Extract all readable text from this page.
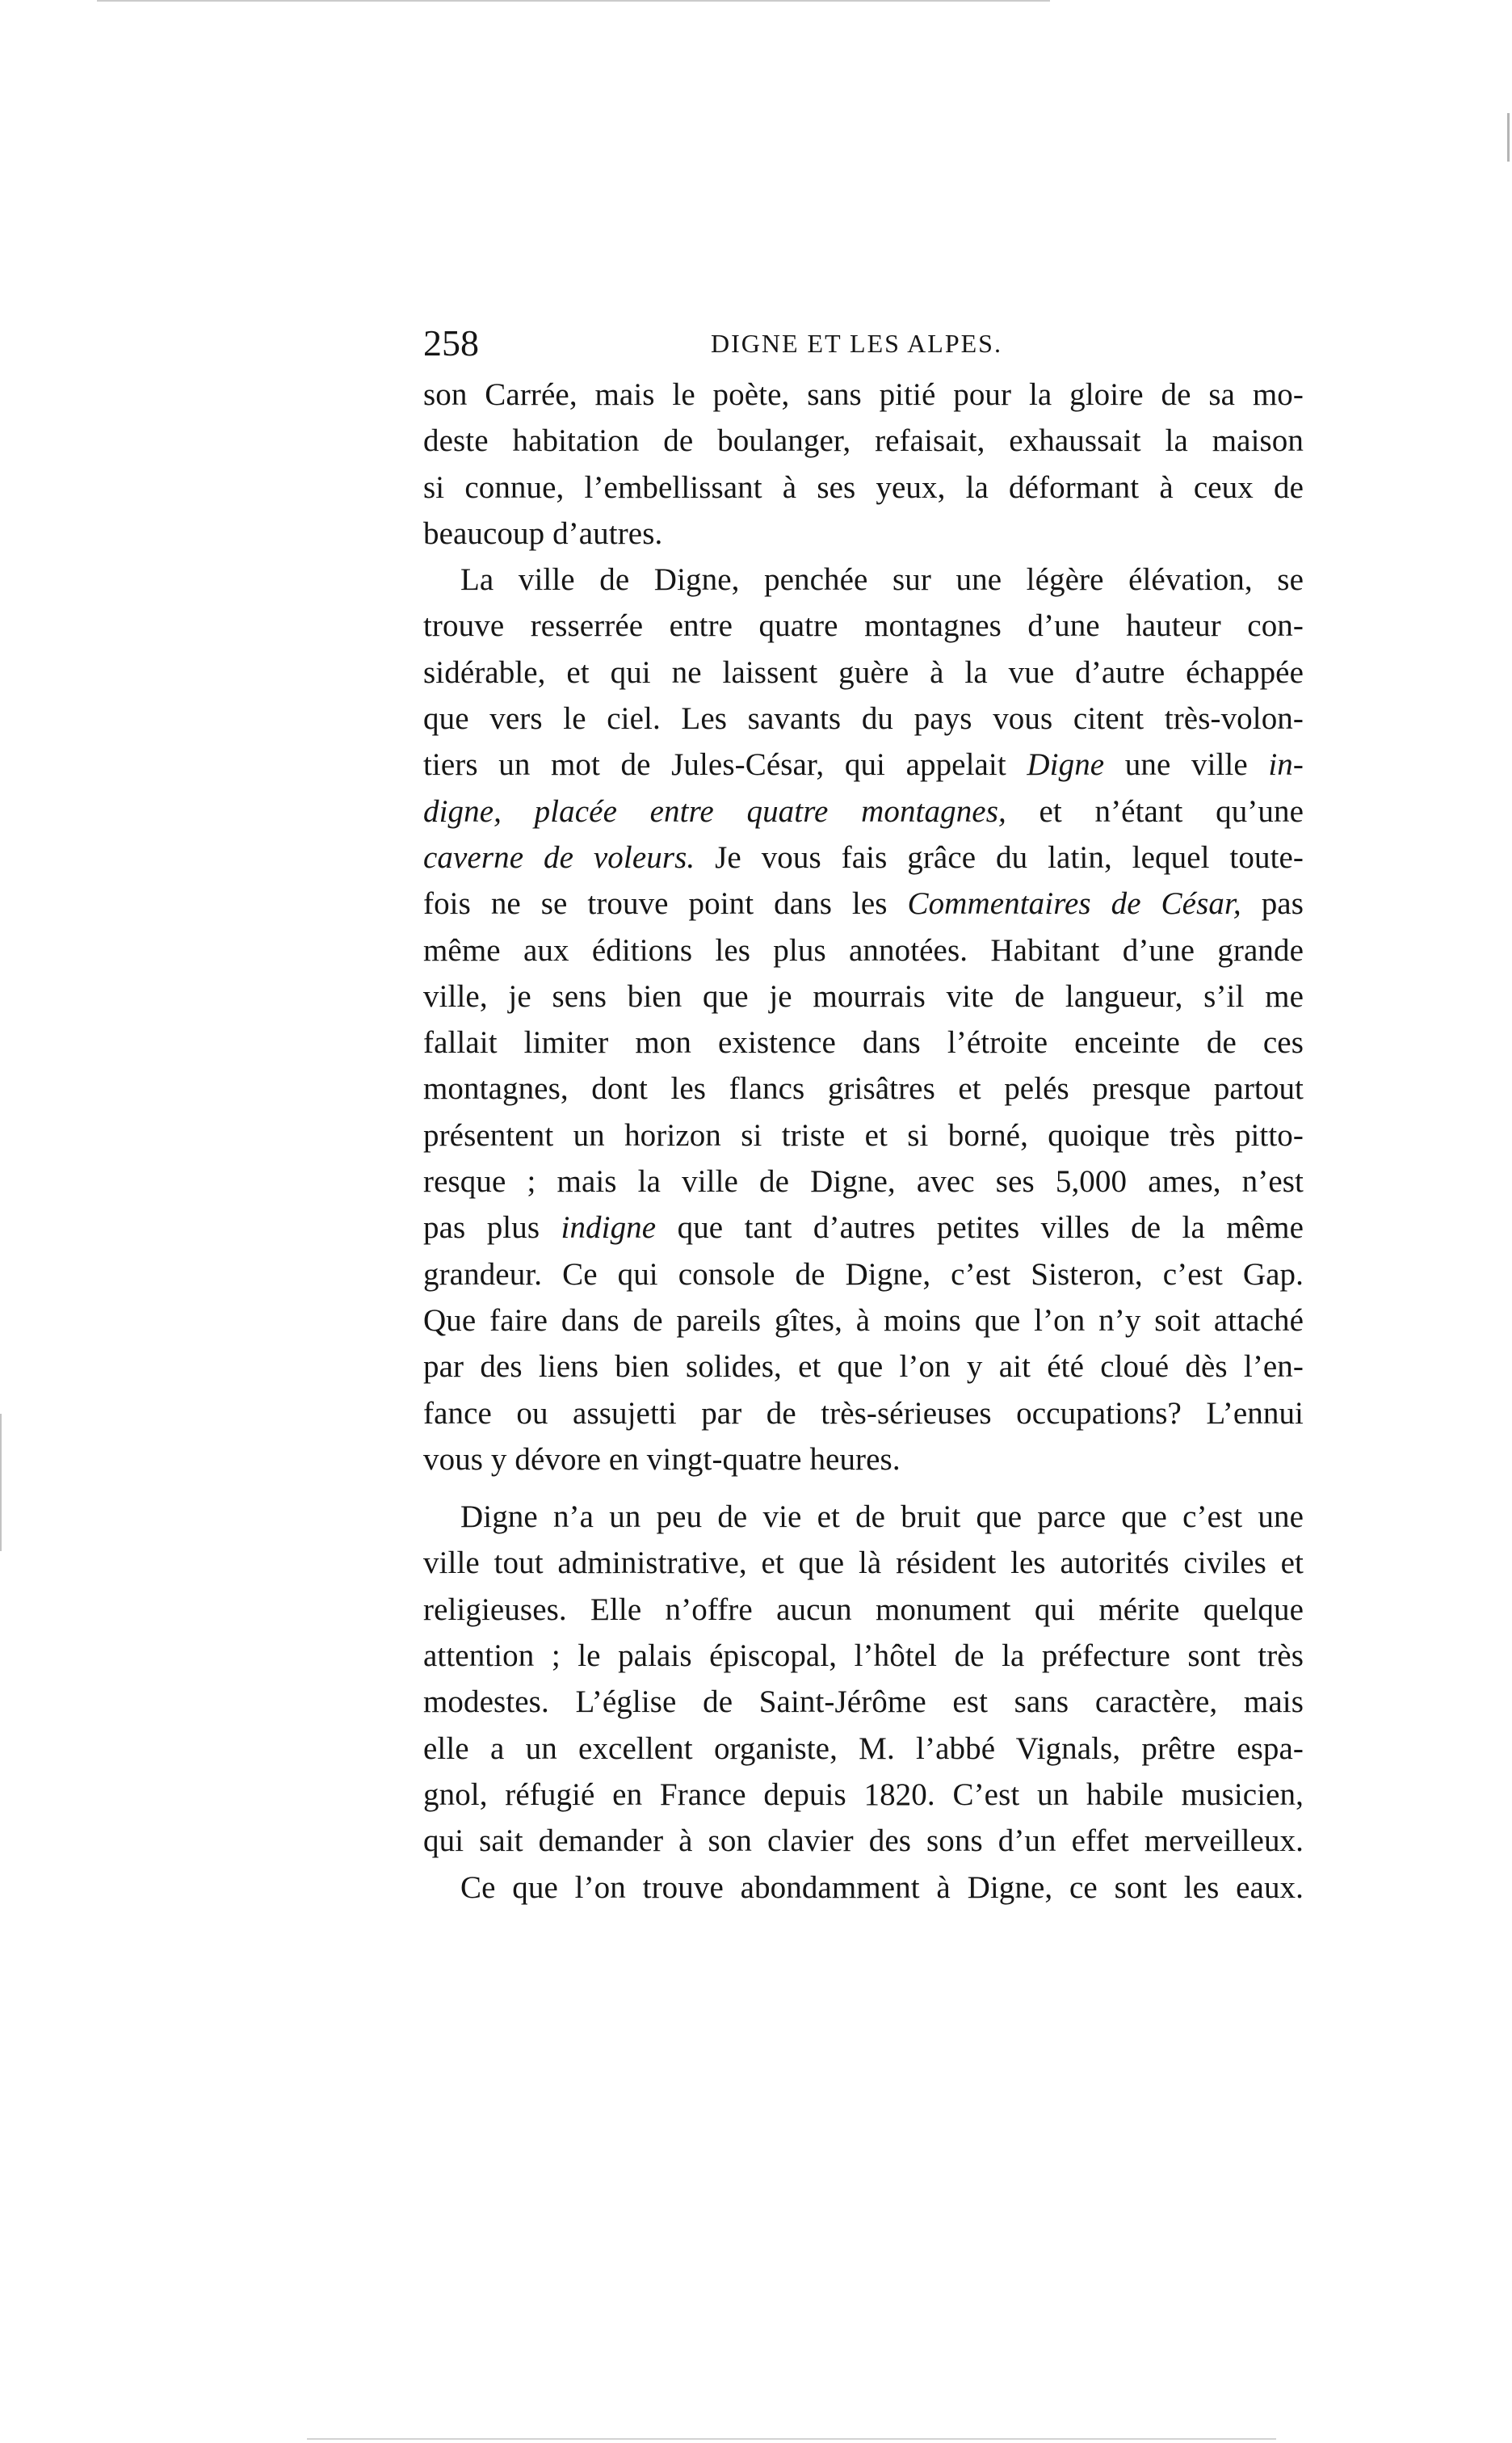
258	DIGNE ET LES ALPES.
son Carrée, mais le poète, sans pitié pour la gloire de sa mo-
deste habitation de boulanger, refaisait, exhaussait la maison
si connue, l’embellissant à ses yeux, la déformant à ceux de
beaucoup d’autres.
La ville de Digne, penchée sur une légère élévation, se
trouve resserrée entre quatre montagnes d’une hauteur con-
sidérable, et qui ne laissent guère à la vue d’autre échappée
que vers le ciel. Les savants du pays vous citent très-volon-
tiers un mot de Jules-César, qui appelait Digne une ville in-
digne, placée entre quatre montagnes, et n’étant qu’une
caverne de voleurs. Je vous fais grâce du latin, lequel toute-
fois ne se trouve point dans les Commentaires de César, pas
même aux éditions les plus annotées. Habitant d’une grande
ville, je sens bien que je mourrais vite de langueur, s’il me
fallait limiter mon existence dans l’étroite enceinte de ces
montagnes, dont les flancs grisâtres et pelés presque partout
présentent un horizon si triste et si borné, quoique très pitto-
resque ; mais la ville de Digne, avec ses 5,000 ames, n’est
pas plus indigne que tant d’autres petites villes de la même
grandeur. Ce qui console de Digne, c’est Sisteron, c’est Gap.
Que faire dans de pareils gîtes, à moins que l’on n’y soit attaché
par des liens bien solides, et que l’on y ait été cloué dès l’en-
fance ou assujetti par de très-sérieuses occupations? L’ennui
vous y dévore en vingt-quatre heures.
Digne n’a un peu de vie et de bruit que parce que c’est une
ville tout administrative, et que là résident les autorités civiles et
religieuses. Elle n’offre aucun monument qui mérite quelque
attention ; le palais épiscopal, l’hôtel de la préfecture sont très
modestes. L’église de Saint-Jérôme est sans caractère, mais
elle a un excellent organiste, M. l’abbé Vignals, prêtre espa-
gnol, réfugié en France depuis 1820. C’est un habile musicien,
qui sait demander à son clavier des sons d’un effet merveilleux.
Ce que l’on trouve abondamment à Digne, ce sont les eaux.
